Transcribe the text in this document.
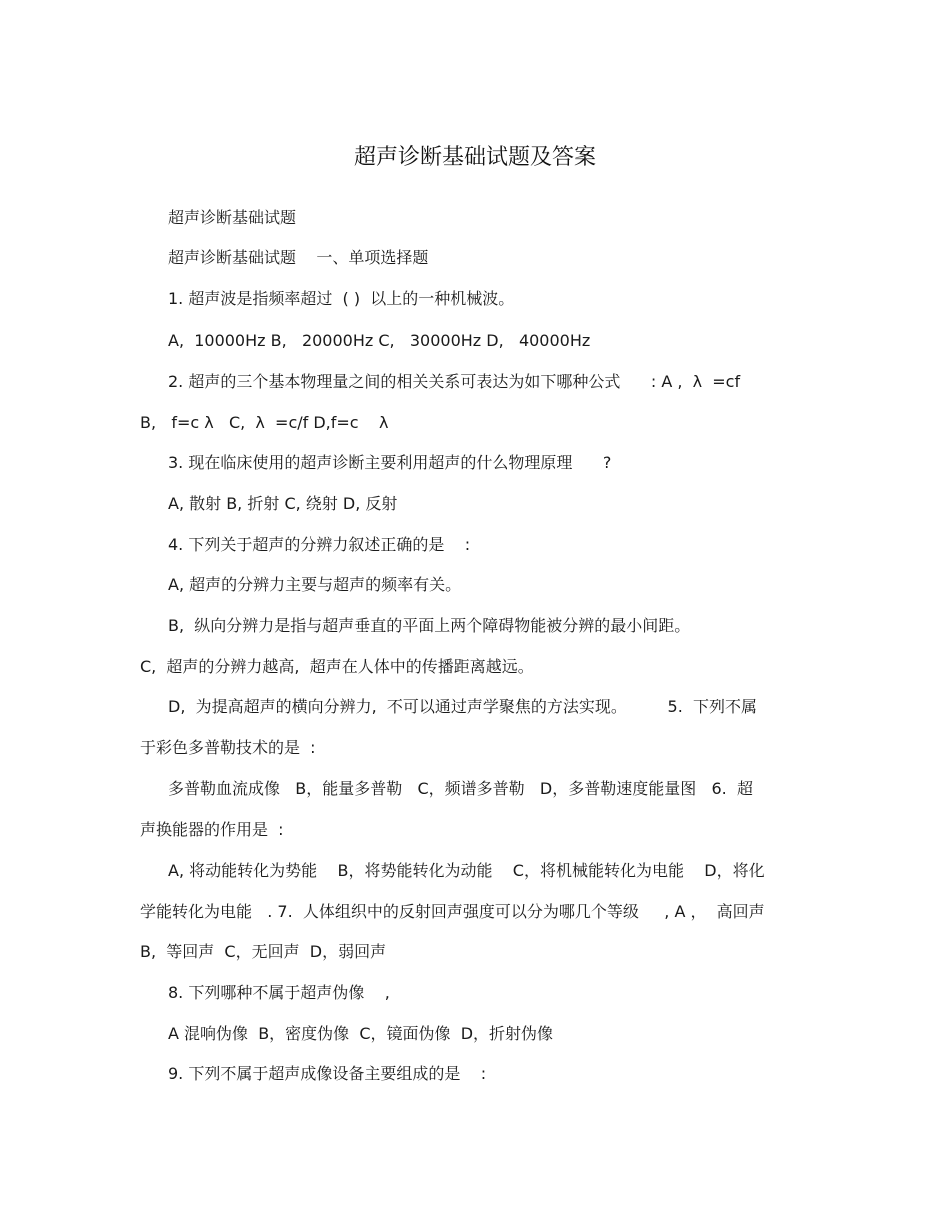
超声诊断基础试题及答案
超声诊断基础试题
超声诊断基础试题    一、单项选择题
1. 超声波是指频率超过  ( )  以上的一种机械波。
A,  10000Hz B,   20000Hz C,   30000Hz D,   40000Hz
2. 超声的三个基本物理量之间的相关关系可表达为如下哪种公式      : A ,  λ  =cf
B,   f=c λ   C,  λ  =c/f D,f=c    λ
3. 现在临床使用的超声诊断主要利用超声的什么物理原理      ?
A, 散射 B, 折射 C, 绕射 D, 反射
4. 下列关于超声的分辨力叙述正确的是    :
A, 超声的分辨力主要与超声的频率有关。
B,  纵向分辨力是指与超声垂直的平面上两个障碍物能被分辨的最小间距。
C,  超声的分辨力越高,  超声在人体中的传播距离越远。
D,  为提高超声的横向分辨力,  不可以通过声学聚焦的方法实现。        5.  下列不属
于彩色多普勒技术的是  :
多普勒血流成像   B，能量多普勒   C，频谱多普勒   D，多普勒速度能量图   6.  超
声换能器的作用是  :
A, 将动能转化为势能    B，将势能转化为动能    C，将机械能转化为电能    D，将化
学能转化为电能   . 7.  人体组织中的反射回声强度可以分为哪几个等级     , A ，  高回声
B,  等回声  C，无回声  D，弱回声
8. 下列哪种不属于超声伪像    ,
A 混响伪像  B，密度伪像  C，镜面伪像  D，折射伪像
9. 下列不属于超声成像设备主要组成的是    :
